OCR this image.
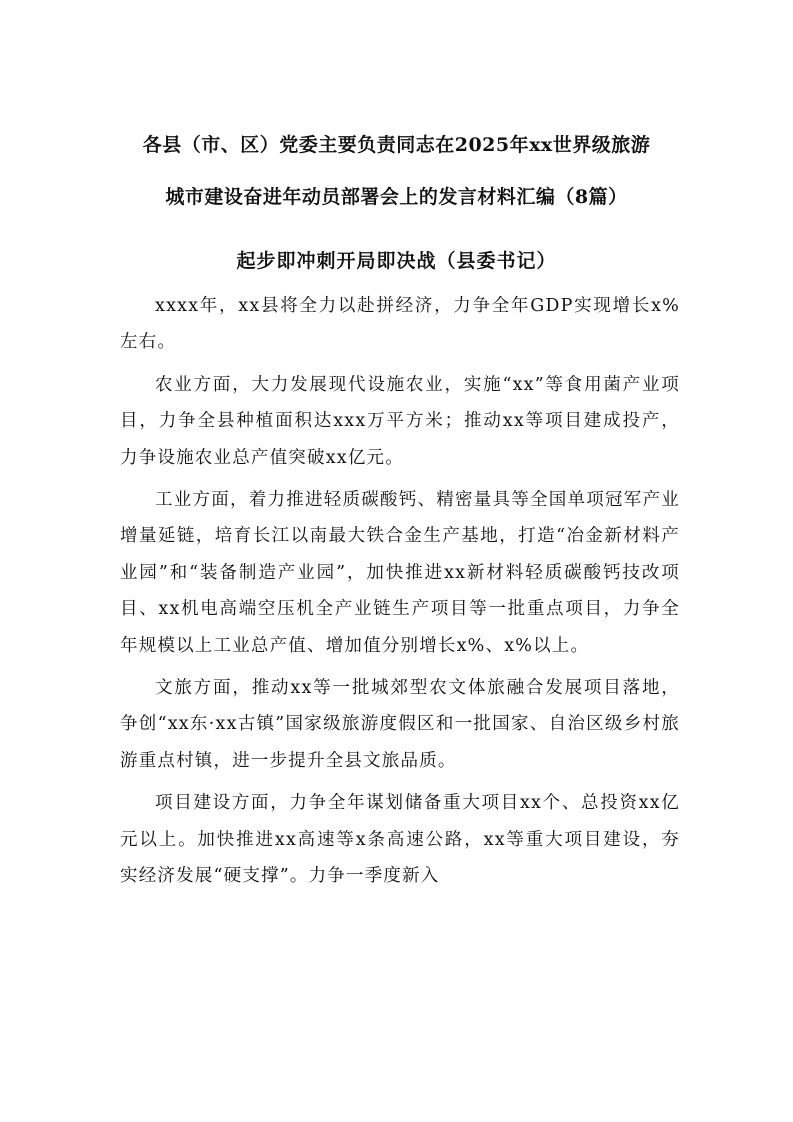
各县（市、区）党委主要负责同志在2025年xx世界级旅游
城市建设奋进年动员部署会上的发言材料汇编（8篇）
起步即冲刺开局即决战（县委书记）

xxxx年，xx县将全力以赴拼经济，力争全年GDP实现增长x%左右。

农业方面，大力发展现代设施农业，实施“xx”等食用菌产业项目，力争全县种植面积达xxx万平方米；推动xx等项目建成投产，力争设施农业总产值突破xx亿元。

工业方面，着力推进轻质碳酸钙、精密量具等全国单项冠军产业增量延链，培育长江以南最大铁合金生产基地，打造“冶金新材料产业园”和“装备制造产业园”，加快推进xx新材料轻质碳酸钙技改项目、xx机电高端空压机全产业链生产项目等一批重点项目，力争全年规模以上工业总产值、增加值分别增长x%、x%以上。

文旅方面，推动xx等一批城郊型农文体旅融合发展项目落地，争创“xx东·xx古镇”国家级旅游度假区和一批国家、自治区级乡村旅游重点村镇，进一步提升全县文旅品质。

项目建设方面，力争全年谋划储备重大项目xx个、总投资xx亿元以上。加快推进xx高速等x条高速公路，xx等重大项目建设，夯实经济发展“硬支撑”。力争一季度新入
